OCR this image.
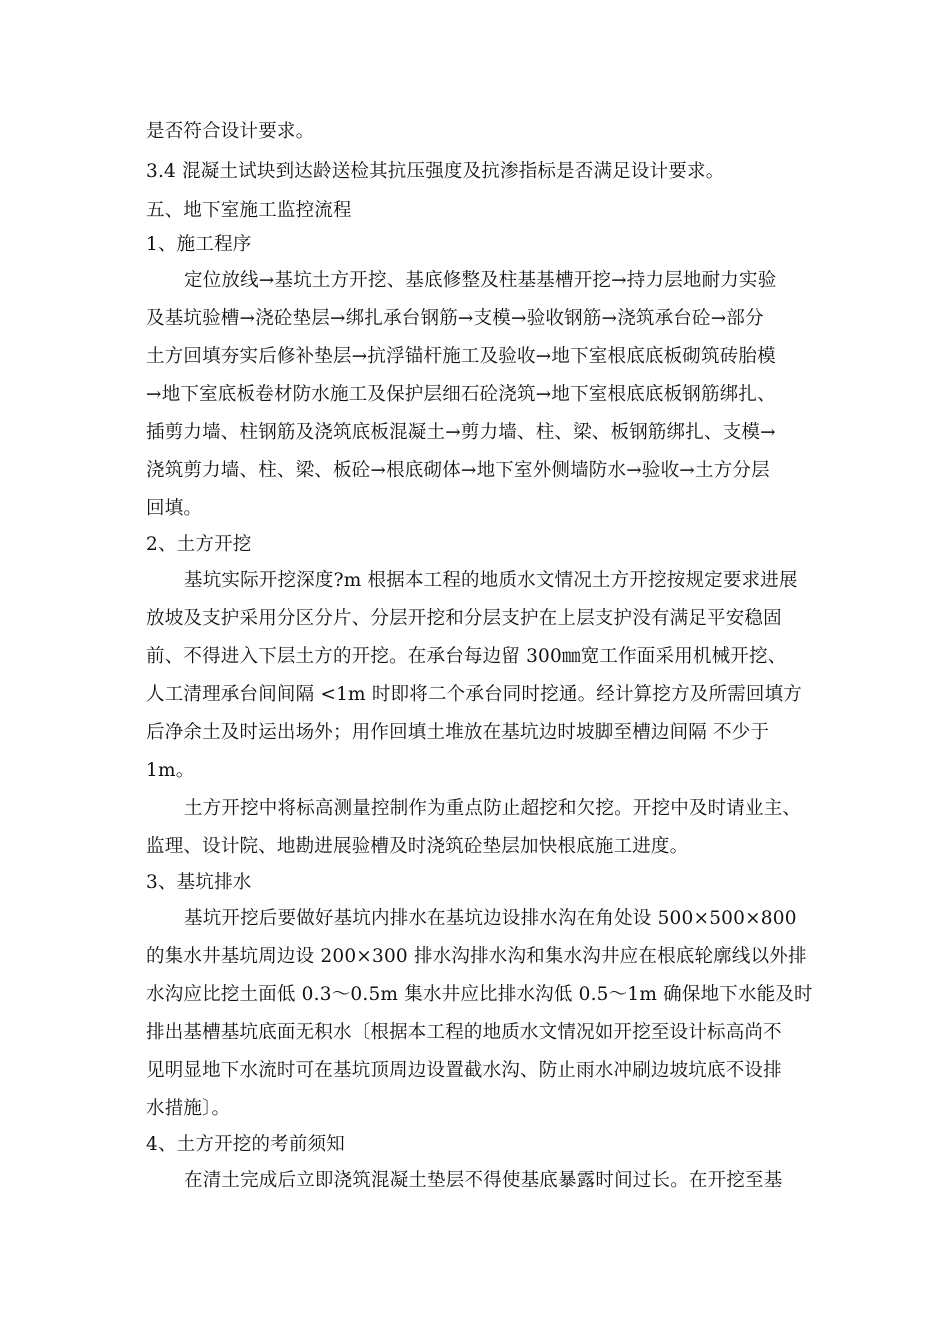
是否符合设计要求。
3.4 混凝土试块到达龄送检其抗压强度及抗渗指标是否满足设计要求。
五、地下室施工监控流程
1、施工程序
定位放线→基坑土方开挖、基底修整及柱基基槽开挖→持力层地耐力实验
及基坑验槽→浇砼垫层→绑扎承台钢筋→支模→验收钢筋→浇筑承台砼→部分
土方回填夯实后修补垫层→抗浮锚杆施工及验收→地下室根底底板砌筑砖胎模
→地下室底板卷材防水施工及保护层细石砼浇筑→地下室根底底板钢筋绑扎、
插剪力墙、柱钢筋及浇筑底板混凝土→剪力墙、柱、梁、板钢筋绑扎、支模→
浇筑剪力墙、柱、梁、板砼→根底砌体→地下室外侧墙防水→验收→土方分层
回填。
2、土方开挖
基坑实际开挖深度?m 根据本工程的地质水文情况土方开挖按规定要求进展
放坡及支护采用分区分片、分层开挖和分层支护在上层支护没有满足平安稳固
前、不得进入下层土方的开挖。在承台每边留 300㎜宽工作面采用机械开挖、
人工清理承台间间隔 <1m 时即将二个承台同时挖通。经计算挖方及所需回填方
后净余土及时运出场外；用作回填土堆放在基坑边时坡脚至槽边间隔 不少于
1m。
土方开挖中将标高测量控制作为重点防止超挖和欠挖。开挖中及时请业主、
监理、设计院、地勘进展验槽及时浇筑砼垫层加快根底施工进度。
3、基坑排水
基坑开挖后要做好基坑内排水在基坑边设排水沟在角处设 500×500×800
的集水井基坑周边设 200×300 排水沟排水沟和集水沟井应在根底轮廓线以外排
水沟应比挖土面低 0.3～0.5m 集水井应比排水沟低 0.5～1m 确保地下水能及时
排出基槽基坑底面无积水〔根据本工程的地质水文情况如开挖至设计标高尚不
见明显地下水流时可在基坑顶周边设置截水沟、防止雨水冲刷边坡坑底不设排
水措施〕。
4、土方开挖的考前须知
在清土完成后立即浇筑混凝土垫层不得使基底暴露时间过长。在开挖至基
